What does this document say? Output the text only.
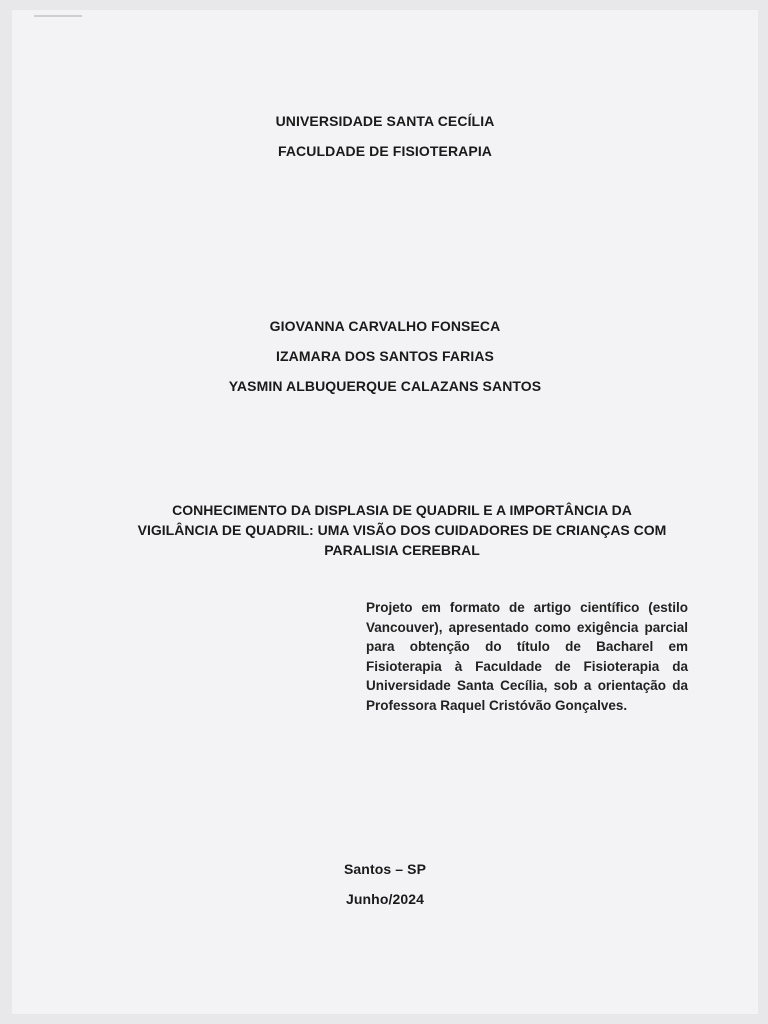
UNIVERSIDADE SANTA CECÍLIA
FACULDADE DE FISIOTERAPIA
GIOVANNA CARVALHO FONSECA
IZAMARA DOS SANTOS FARIAS
YASMIN ALBUQUERQUE CALAZANS SANTOS
CONHECIMENTO DA DISPLASIA DE QUADRIL E A IMPORTÂNCIA DA VIGILÂNCIA DE QUADRIL: UMA VISÃO DOS CUIDADORES DE CRIANÇAS COM PARALISIA CEREBRAL
Projeto em formato de artigo científico (estilo Vancouver), apresentado como exigência parcial para obtenção do título de Bacharel em Fisioterapia à Faculdade de Fisioterapia da Universidade Santa Cecília, sob a orientação da Professora Raquel Cristóvão Gonçalves.
Santos – SP
Junho/2024
